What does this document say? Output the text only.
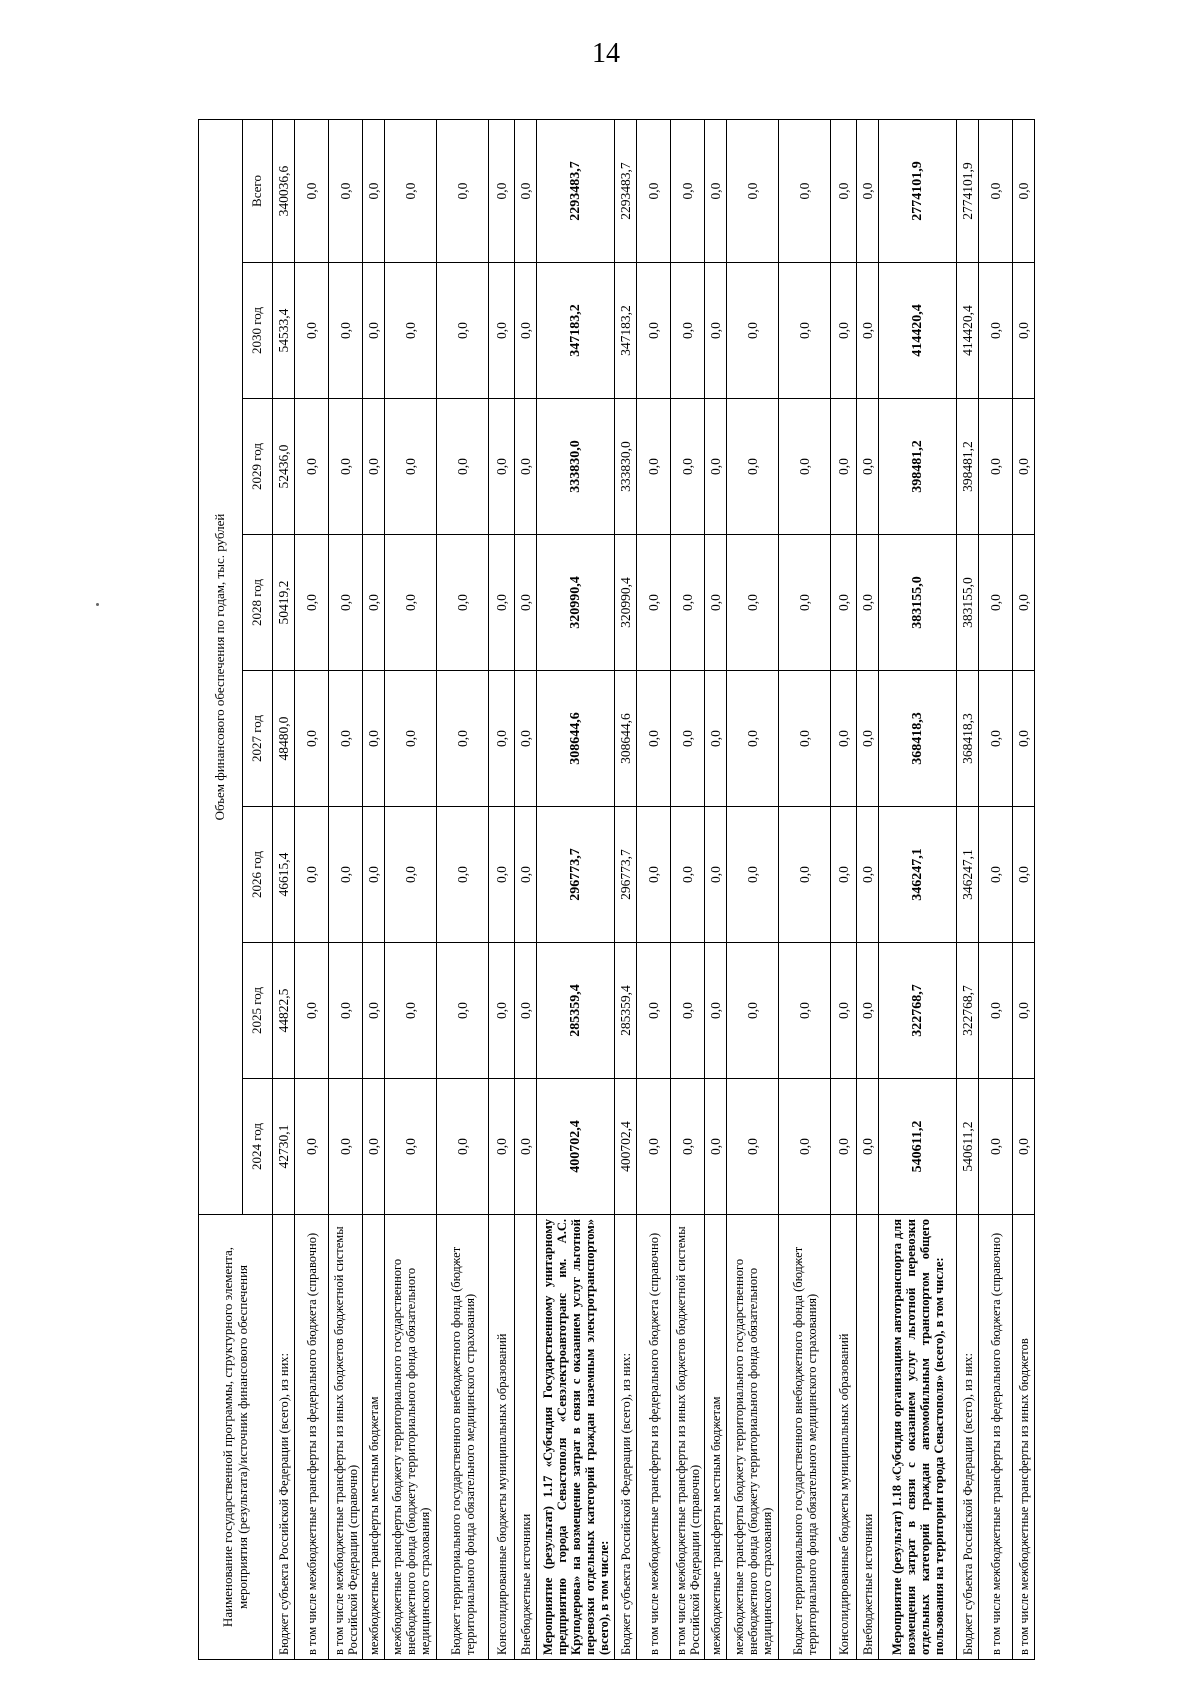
14
Наименование государственной программы, структурного элемента, мероприятия (результата)/источник финансового обеспечения	Объем финансового обеспечения по годам, тыс. рублей							
	2024 год	2025 год	2026 год	2027 год	2028 год	2029 год	2030 год	Всего
Бюджет субъекта Российской Федерации (всего), из них:	42730,1	44822,5	46615,4	48480,0	50419,2	52436,0	54533,4	340036,6
в том числе межбюджетные трансферты из федерального бюджета (справочно)	0,0	0,0	0,0	0,0	0,0	0,0	0,0	0,0
в том числе межбюджетные трансферты из иных бюджетов бюджетной системы Российской Федерации (справочно)	0,0	0,0	0,0	0,0	0,0	0,0	0,0	0,0
межбюджетные трансферты местным бюджетам	0,0	0,0	0,0	0,0	0,0	0,0	0,0	0,0
межбюджетные трансферты бюджету территориального государственного внебюджетного фонда (бюджету территориального фонда обязательного медицинского страхования)	0,0	0,0	0,0	0,0	0,0	0,0	0,0	0,0
Бюджет территориального государственного внебюджетного фонда (бюджет территориального фонда обязательного медицинского страхования)	0,0	0,0	0,0	0,0	0,0	0,0	0,0	0,0
Консолидированные бюджеты муниципальных образований	0,0	0,0	0,0	0,0	0,0	0,0	0,0	0,0
Внебюджетные источники	0,0	0,0	0,0	0,0	0,0	0,0	0,0	0,0
Мероприятие (результат) 1.17 «Субсидия Государственному унитарному предприятию города Севастополя «Севэлектроавтотранс им. А.С. Круподерова» на возмещение затрат в связи с оказанием услуг льготной перевозки отдельных категорий граждан наземным электротранспортом» (всего), в том числе:	400702,4	285359,4	296773,7	308644,6	320990,4	333830,0	347183,2	2293483,7
Бюджет субъекта Российской Федерации (всего), из них:	400702,4	285359,4	296773,7	308644,6	320990,4	333830,0	347183,2	2293483,7
в том числе межбюджетные трансферты из федерального бюджета (справочно)	0,0	0,0	0,0	0,0	0,0	0,0	0,0	0,0
в том числе межбюджетные трансферты из иных бюджетов бюджетной системы Российской Федерации (справочно)	0,0	0,0	0,0	0,0	0,0	0,0	0,0	0,0
межбюджетные трансферты местным бюджетам	0,0	0,0	0,0	0,0	0,0	0,0	0,0	0,0
межбюджетные трансферты бюджету территориального государственного внебюджетного фонда (бюджету территориального фонда обязательного медицинского страхования)	0,0	0,0	0,0	0,0	0,0	0,0	0,0	0,0
Бюджет территориального государственного внебюджетного фонда (бюджет территориального фонда обязательного медицинского страхования)	0,0	0,0	0,0	0,0	0,0	0,0	0,0	0,0
Консолидированные бюджеты муниципальных образований	0,0	0,0	0,0	0,0	0,0	0,0	0,0	0,0
Внебюджетные источники	0,0	0,0	0,0	0,0	0,0	0,0	0,0	0,0
Мероприятие (результат) 1.18 «Субсидия организациям автотранспорта для возмещения затрат в связи с оказанием услуг льготной перевозки отдельных категорий граждан автомобильным транспортом общего пользования на территории города Севастополя» (всего), в том числе:	540611,2	322768,7	346247,1	368418,3	383155,0	398481,2	414420,4	2774101,9
Бюджет субъекта Российской Федерации (всего), из них:	540611,2	322768,7	346247,1	368418,3	383155,0	398481,2	414420,4	2774101,9
в том числе межбюджетные трансферты из федерального бюджета (справочно)	0,0	0,0	0,0	0,0	0,0	0,0	0,0	0,0
в том числе межбюджетные трансферты из иных бюджетов	0,0	0,0	0,0	0,0	0,0	0,0	0,0	0,0
